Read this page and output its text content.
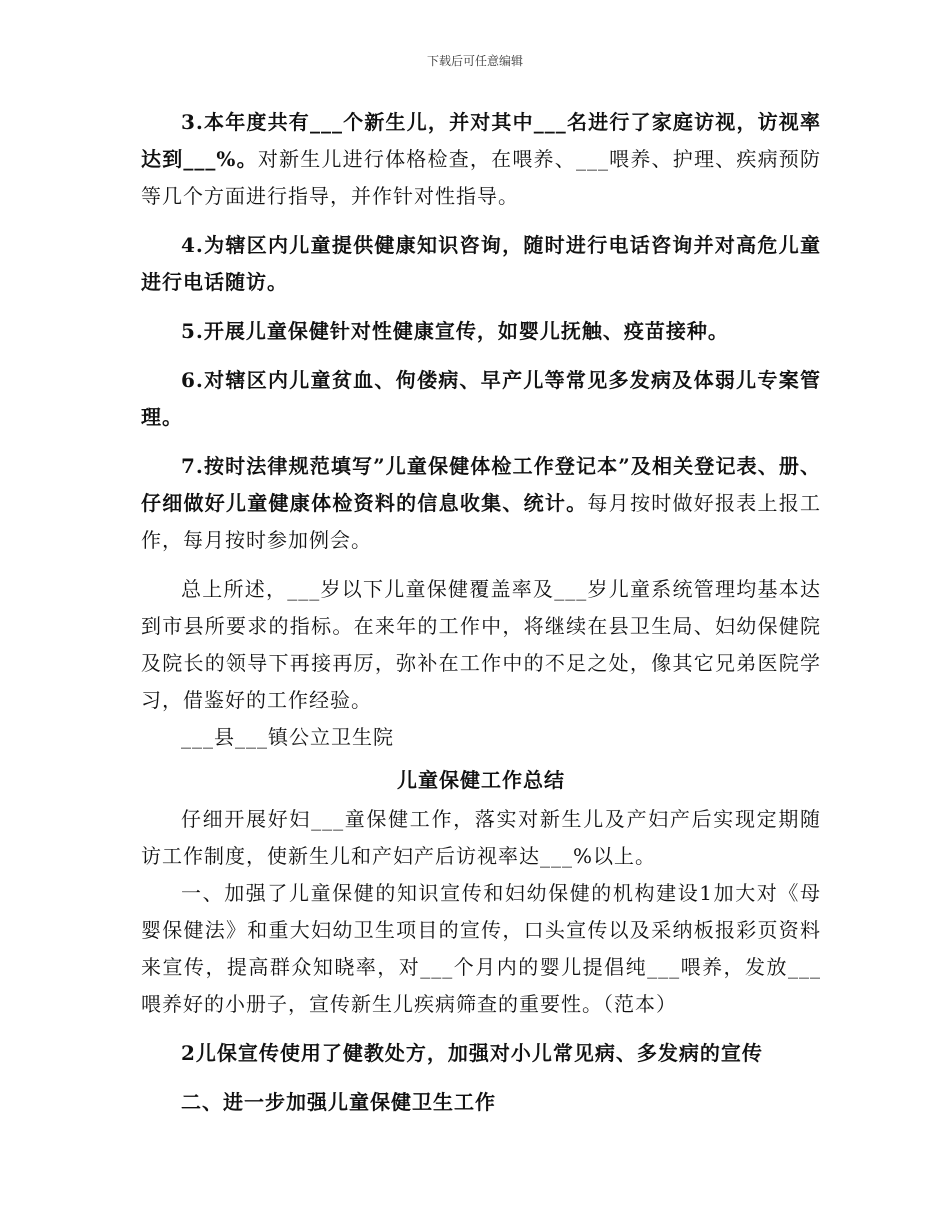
下载后可任意编辑

3.本年度共有___个新生儿，并对其中___名进行了家庭访视，访视率达到___%。对新生儿进行体格检查，在喂养、___喂养、护理、疾病预防等几个方面进行指导，并作针对性指导。

4.为辖区内儿童提供健康知识咨询，随时进行电话咨询并对高危儿童进行电话随访。

5.开展儿童保健针对性健康宣传，如婴儿抚触、疫苗接种。

6.对辖区内儿童贫血、佝偻病、早产儿等常见多发病及体弱儿专案管理。

7.按时法律规范填写”儿童保健体检工作登记本”及相关登记表、册、仔细做好儿童健康体检资料的信息收集、统计。每月按时做好报表上报工作，每月按时参加例会。

总上所述，___岁以下儿童保健覆盖率及___岁儿童系统管理均基本达到市县所要求的指标。在来年的工作中，将继续在县卫生局、妇幼保健院及院长的领导下再接再厉，弥补在工作中的不足之处，像其它兄弟医院学习，借鉴好的工作经验。

___县___镇公立卫生院

儿童保健工作总结

仔细开展好妇___童保健工作，落实对新生儿及产妇产后实现定期随访工作制度，使新生儿和产妇产后访视率达___%以上。

一、加强了儿童保健的知识宣传和妇幼保健的机构建设1加大对《母婴保健法》和重大妇幼卫生项目的宣传，口头宣传以及采纳板报彩页资料来宣传，提高群众知晓率，对___个月内的婴儿提倡纯___喂养，发放___喂养好的小册子，宣传新生儿疾病筛查的重要性。（范本）

2儿保宣传使用了健教处方，加强对小儿常见病、多发病的宣传

二、进一步加强儿童保健卫生工作
